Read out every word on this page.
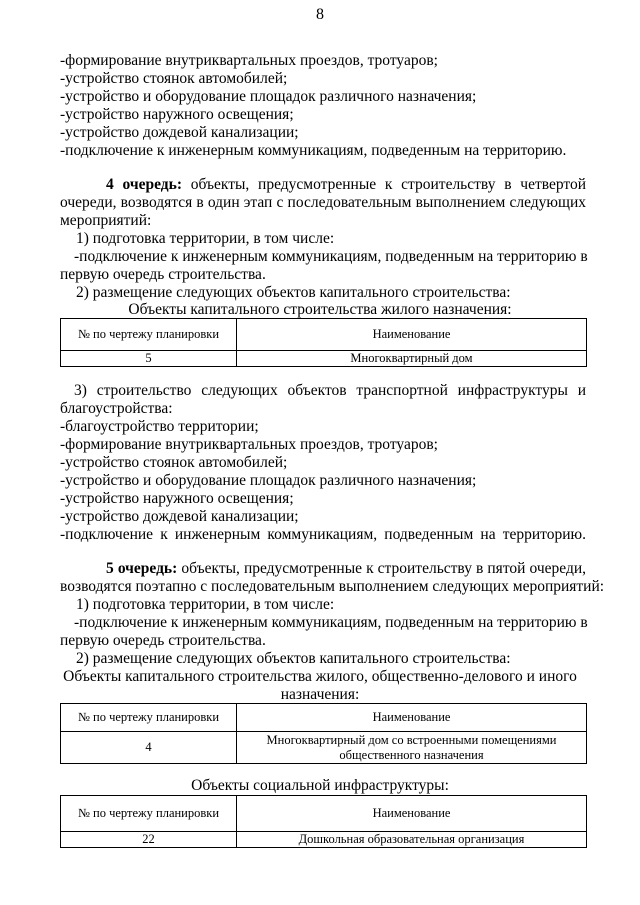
8
-формирование внутриквартальных проездов, тротуаров;
-устройство стоянок автомобилей;
-устройство и оборудование площадок различного назначения;
-устройство наружного освещения;
-устройство дождевой канализации;
-подключение к инженерным коммуникациям, подведенным на территорию.
4 очередь: объекты, предусмотренные к строительству в четвертой
очереди, возводятся в один этап с последовательным выполнением следующих
мероприятий:
1) подготовка территории, в том числе:
-подключение к инженерным коммуникациям, подведенным на территорию в
первую очередь строительства.
2) размещение следующих объектов капитального строительства:
Объекты капитального строительства жилого назначения:
№ по чертежу планировки	Наименование
5	Многоквартирный дом
3) строительство следующих объектов транспортной инфраструктуры и
благоустройства:
-благоустройство территории;
-формирование внутриквартальных проездов, тротуаров;
-устройство стоянок автомобилей;
-устройство и оборудование площадок различного назначения;
-устройство наружного освещения;
-устройство дождевой канализации;
-подключение к инженерным коммуникациям, подведенным на территорию.
5 очередь: объекты, предусмотренные к строительству в пятой очереди,
возводятся поэтапно с последовательным выполнением следующих мероприятий:
1) подготовка территории, в том числе:
-подключение к инженерным коммуникациям, подведенным на территорию в
первую очередь строительства.
2) размещение следующих объектов капитального строительства:
Объекты капитального строительства жилого, общественно-делового и иного
назначения:
№ по чертежу планировки	Наименование
4	Многоквартирный дом со встроенными помещениями
общественного назначения
Объекты социальной инфраструктуры:
№ по чертежу планировки	Наименование
22	Дошкольная образовательная организация
